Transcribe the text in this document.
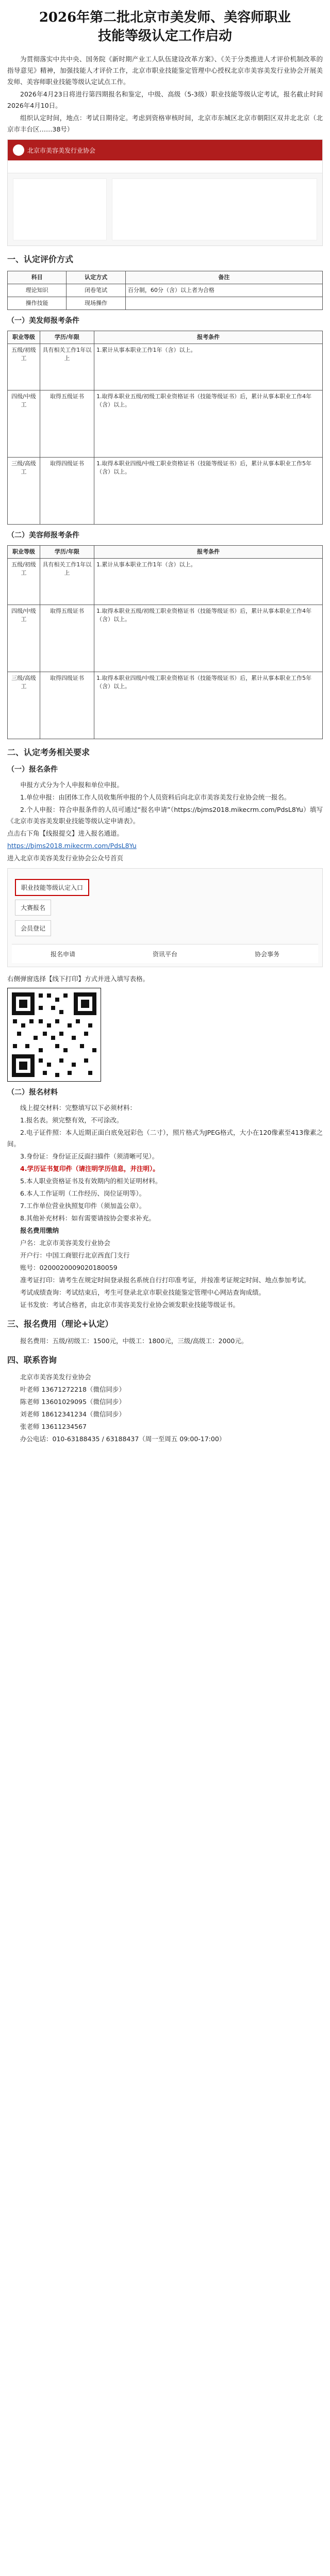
2026年第二批北京市美发师、美容师职业
技能等级认定工作启动

为贯彻落实中共中央、国务院《新时期产业工人队伍建设改革方案》、《关于分类推进人才评价机制改革的指导意见》精神，加强技能人才评价工作，北京市职业技能鉴定管理中心授权北京市美容美发行业协会开展美发师、美容师职业技能等级认定试点工作。

2026年4月23日将进行第四期报名和鉴定，中级、高级（5-3级）职业技能等级认定考试，报名截止时间2026年4月10日。

组织认定时间，地点：考试日期待定。考虑到资格审核时间，北京市东城区北京市朝阳区双井北北京（北京市丰台区……38号）

北京市美容美发行业协会
一、认定评价方式
科目	认定方式	备注
理论知识	闭卷笔试	百分制，60分（含）以上者为合格
操作技能	现场操作	
（一）美发师报考条件
职业等级	学历/年限	报考条件
五级/初级工	具有相关工作1年以上	1.累计从事本职业工作1年（含）以上。
四级/中级工	取得五级证书	1.取得本职业五级/初级工职业资格证书（技能等级证书）后，累计从事本职业工作4年（含）以上。
三级/高级工	取得四级证书	1.取得本职业四级/中级工职业资格证书（技能等级证书）后，累计从事本职业工作5年（含）以上。
（二）美容师报考条件
职业等级	学历/年限	报考条件
五级/初级工	具有相关工作1年以上	1.累计从事本职业工作1年（含）以上。
四级/中级工	取得五级证书	1.取得本职业五级/初级工职业资格证书（技能等级证书）后，累计从事本职业工作4年（含）以上。
三级/高级工	取得四级证书	1.取得本职业四级/中级工职业资格证书（技能等级证书）后，累计从事本职业工作5年（含）以上。
二、认定考务相关要求
（一）报名条件

申报方式分为个人申报和单位申报。

1.单位申报：由团体工作人员收集所申报的个人员资料后向北京市美容美发行业协会统一报名。

2.个人申报：符合申报条件的人员可通过“报名申请”（https://bjms2018.mikecrm.com/PdsL8Yu）填写《北京市美容美发职业技能等级认定申请表》。

点击右下角【线报提交】进入报名通道。

https://bjms2018.mikecrm.com/PdsL8Yu

进入北京市美容美发行业协会公众号首页

职业技能等级认定入口
大赛报名
会员登记
报名申请	资讯平台	协会事务

右侧弹窗选择【线下打印】方式并进入填写表格。

（二）报名材料

线上提交材料：完整填写以下必须材料：

1.报名表。须完整有效，不可涂改。

2.电子证件照：本人近期正面白底免冠彩色（二寸），照片格式为JPEG格式，大小在120像素至413像素之间。

3.身份证：身份证正反面扫描件（须清晰可见）。

4.学历证书复印件（请注明学历信息，并注明）。

5.本人职业资格证书及有效期内的相关证明材料。

6.本人工作证明（工作经历、岗位证明等）。

7.工作单位营业执照复印件（须加盖公章）。

8.其他补充材料：如有需要请按协会要求补充。

报名费用缴纳

户名：北京市美容美发行业协会

开户行：中国工商银行北京西直门支行

账号：0200020009020180059

准考证打印：请考生在规定时间登录报名系统自行打印准考证，并按准考证规定时间、地点参加考试。

考试成绩查询：考试结束后，考生可登录北京市职业技能鉴定管理中心网站查询成绩。

证书发放：考试合格者，由北京市美容美发行业协会颁发职业技能等级证书。

三、报名费用（理论+认定）

报名费用：五级/初级工：1500元，中级工：1800元，三级/高级工：2000元。

四、联系咨询

北京市美容美发行业协会

叶老师 13671272218（微信同步）

陈老师 13601029095（微信同步）

刘老师 18612341234（微信同步）

张老师 13611234567

办公电话：010-63188435 / 63188437（周一至周五 09:00-17:00）
